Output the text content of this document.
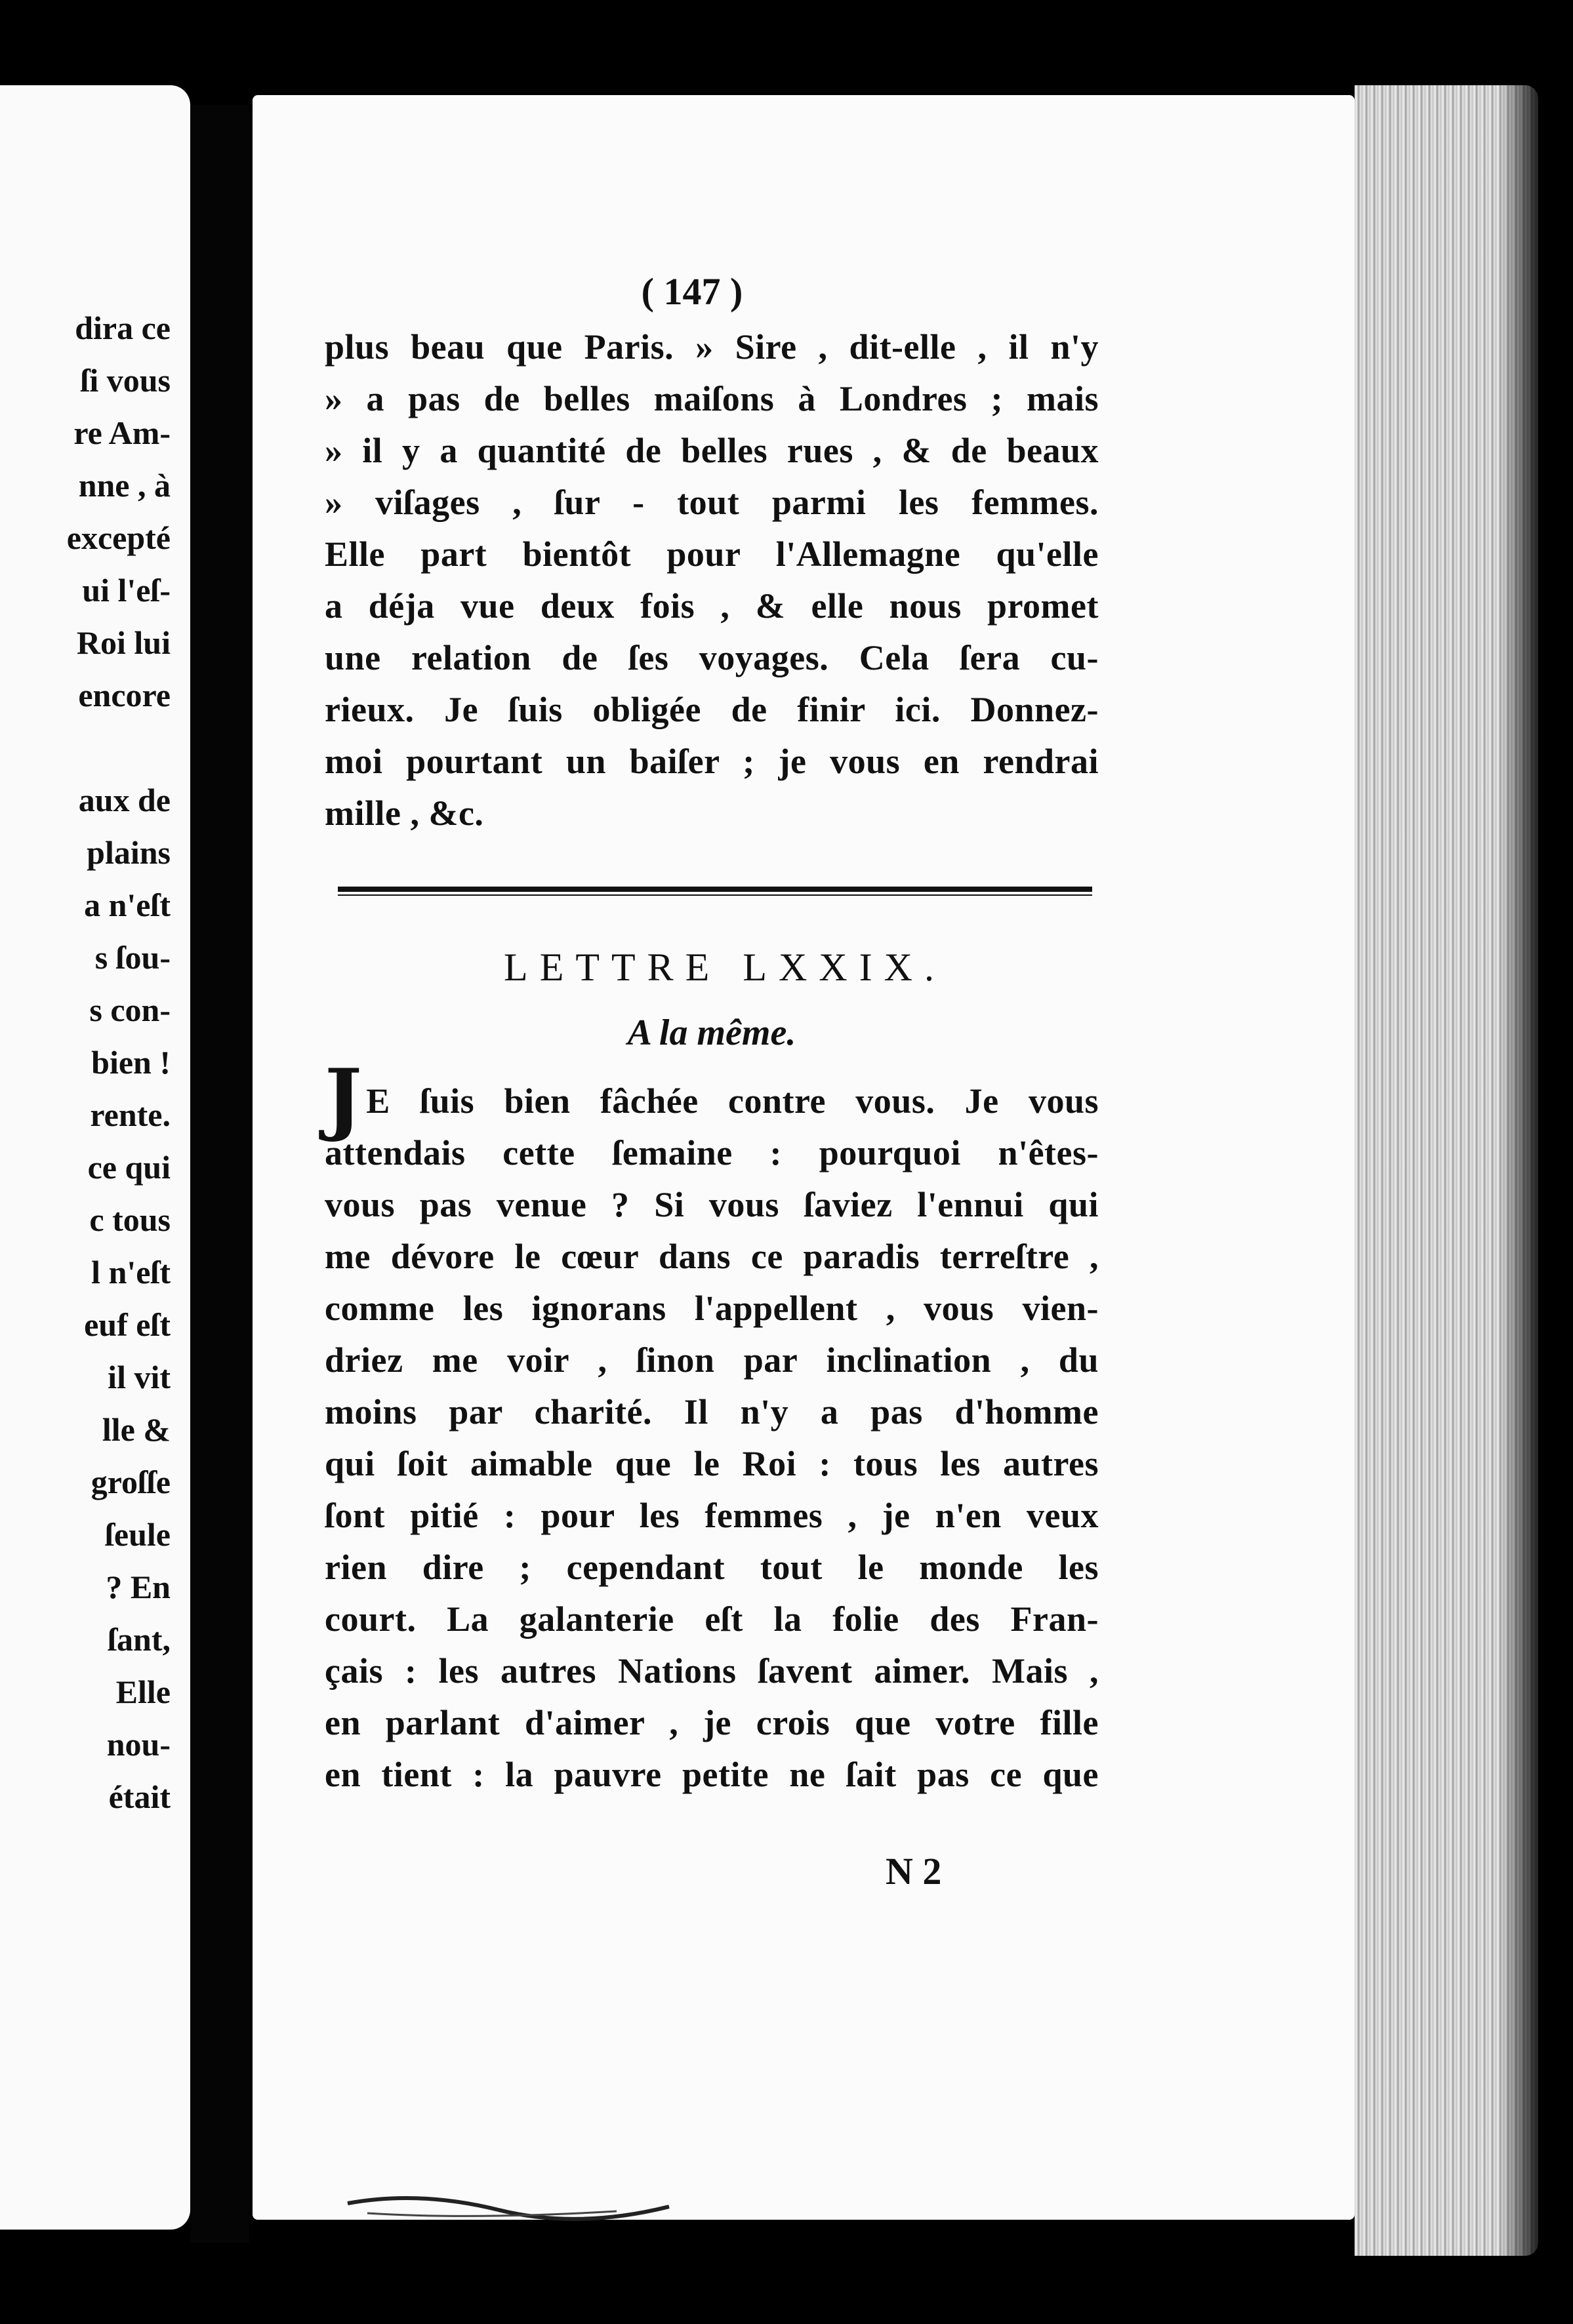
dira ce
ſi vous
re Am-
nne , à
excepté
ui l'eſ-
Roi lui
encore
aux de
plains
a n'eſt
s ſou-
s con-
bien !
rente.
ce qui
c tous
l n'eſt
euf eſt
il vit
lle &
groſſe
ſeule
? En
ſant,
Elle
nou-
était
( 147 )
plus beau que Paris. » Sire , dit-elle , il n'y
» a pas de belles maiſons à Londres ; mais
» il y a quantité de belles rues , & de beaux
» viſages , ſur - tout parmi les femmes.
Elle part bientôt pour l'Allemagne qu'elle
a déja vue deux fois , & elle nous promet
une relation de ſes voyages. Cela ſera cu-
rieux. Je ſuis obligée de finir ici. Donnez-
moi pourtant un baiſer ; je vous en rendrai
mille , &c.
LETTRE LXXIX.
A la même.
J E ſuis bien fâchée contre vous. Je vous
attendais cette ſemaine : pourquoi n'êtes-
vous pas venue ? Si vous ſaviez l'ennui qui
me dévore le cœur dans ce paradis terreſtre ,
comme les ignorans l'appellent , vous vien-
driez me voir , ſinon par inclination , du
moins par charité. Il n'y a pas d'homme
qui ſoit aimable que le Roi : tous les autres
ſont pitié : pour les femmes , je n'en veux
rien dire ; cependant tout le monde les
court. La galanterie eſt la folie des Fran-
çais : les autres Nations ſavent aimer. Mais ,
en parlant d'aimer , je crois que votre fille
en tient : la pauvre petite ne ſait pas ce que
N 2
